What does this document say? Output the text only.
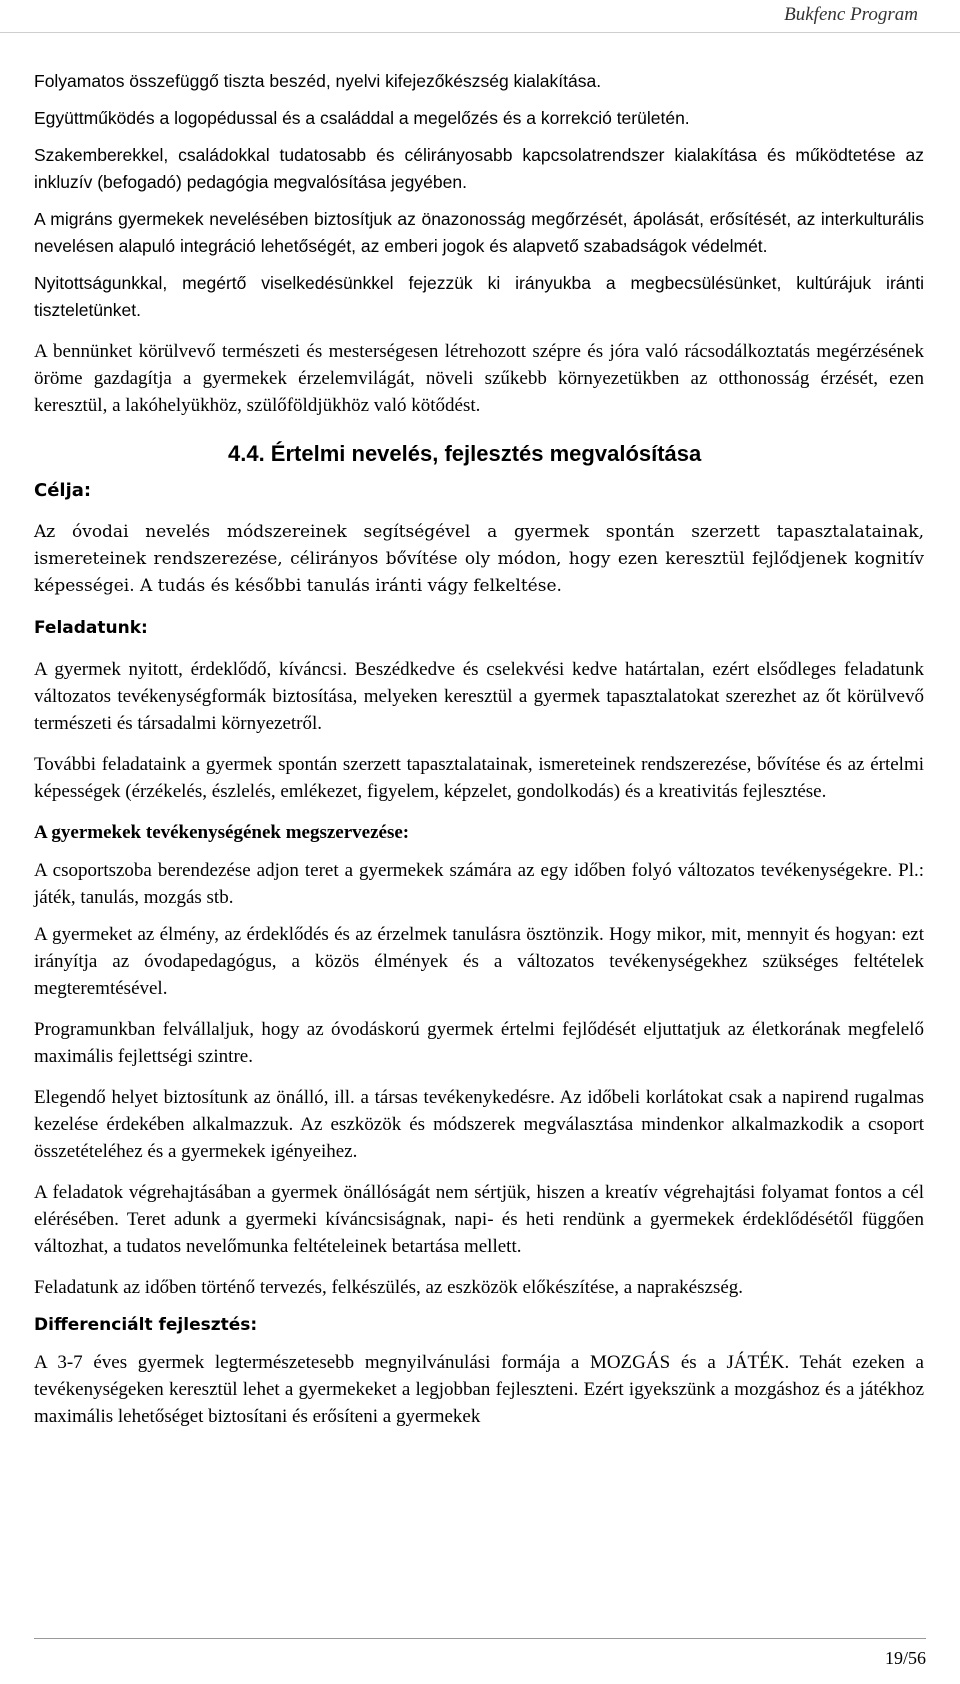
Bukfenc Program

Folyamatos összefüggő tiszta beszéd, nyelvi kifejezőkészség kialakítása.

Együttműködés a logopédussal és a családdal a megelőzés és a korrekció területén.

Szakemberekkel, családokkal tudatosabb és célirányosabb kapcsolatrendszer kialakítása és működtetése az inkluzív (befogadó) pedagógia megvalósítása jegyében.

A migráns gyermekek nevelésében biztosítjuk az önazonosság megőrzését, ápolását, erősítését, az interkulturális nevelésen alapuló integráció lehetőségét, az emberi jogok és alapvető szabadságok védelmét.

Nyitottságunkkal, megértő viselkedésünkkel fejezzük ki irányukba a megbecsülésünket, kultúrájuk iránti tiszteletünket.

A bennünket körülvevő természeti és mesterségesen létrehozott szépre és jóra való rácsodálkoztatás megérzésének öröme gazdagítja a gyermekek érzelemvilágát, növeli szűkebb környezetükben az otthonosság érzését, ezen keresztül, a lakóhelyükhöz, szülőföldjükhöz való kötődést.

4.4. Értelmi nevelés, fejlesztés megvalósítása
Célja:

Az óvodai nevelés módszereinek segítségével a gyermek spontán szerzett tapasztalatainak, ismereteinek rendszerezése, célirányos bővítése oly módon, hogy ezen keresztül fejlődjenek kognitív képességei. A tudás és későbbi tanulás iránti vágy felkeltése.

Feladatunk:

A gyermek nyitott, érdeklődő, kíváncsi. Beszédkedve és cselekvési kedve határtalan, ezért elsődleges feladatunk változatos tevékenységformák biztosítása, melyeken keresztül a gyermek tapasztalatokat szerezhet az őt körülvevő természeti és társadalmi környezetről.

További feladataink a gyermek spontán szerzett tapasztalatainak, ismereteinek rendszerezése, bővítése és az értelmi képességek (érzékelés, észlelés, emlékezet, figyelem, képzelet, gondolkodás) és a kreativitás fejlesztése.

A gyermekek tevékenységének megszervezése:

A csoportszoba berendezése adjon teret a gyermekek számára az egy időben folyó változatos tevékenységekre. Pl.: játék, tanulás, mozgás stb.

A gyermeket az élmény, az érdeklődés és az érzelmek tanulásra ösztönzik. Hogy mikor, mit, mennyit és hogyan: ezt irányítja az óvodapedagógus, a közös élmények és a változatos tevékenységekhez szükséges feltételek megteremtésével.

Programunkban felvállaljuk, hogy az óvodáskorú gyermek értelmi fejlődését eljuttatjuk az életkorának megfelelő maximális fejlettségi szintre.

Elegendő helyet biztosítunk az önálló, ill. a társas tevékenykedésre. Az időbeli korlátokat csak a napirend rugalmas kezelése érdekében alkalmazzuk. Az eszközök és módszerek megválasztása mindenkor alkalmazkodik a csoport összetételéhez és a gyermekek igényeihez.

A feladatok végrehajtásában a gyermek önállóságát nem sértjük, hiszen a kreatív végrehajtási folyamat fontos a cél elérésében. Teret adunk a gyermeki kíváncsiságnak, napi- és heti rendünk a gyermekek érdeklődésétől függően változhat, a tudatos nevelőmunka feltételeinek betartása mellett.

Feladatunk az időben történő tervezés, felkészülés, az eszközök előkészítése, a naprakészség.

Differenciált fejlesztés:

A 3-7 éves gyermek legtermészetesebb megnyilvánulási formája a MOZGÁS és a JÁTÉK. Tehát ezeken a tevékenységeken keresztül lehet a gyermekeket a legjobban fejleszteni. Ezért igyekszünk a mozgáshoz és a játékhoz maximális lehetőséget biztosítani és erősíteni a gyermekek

19/56
